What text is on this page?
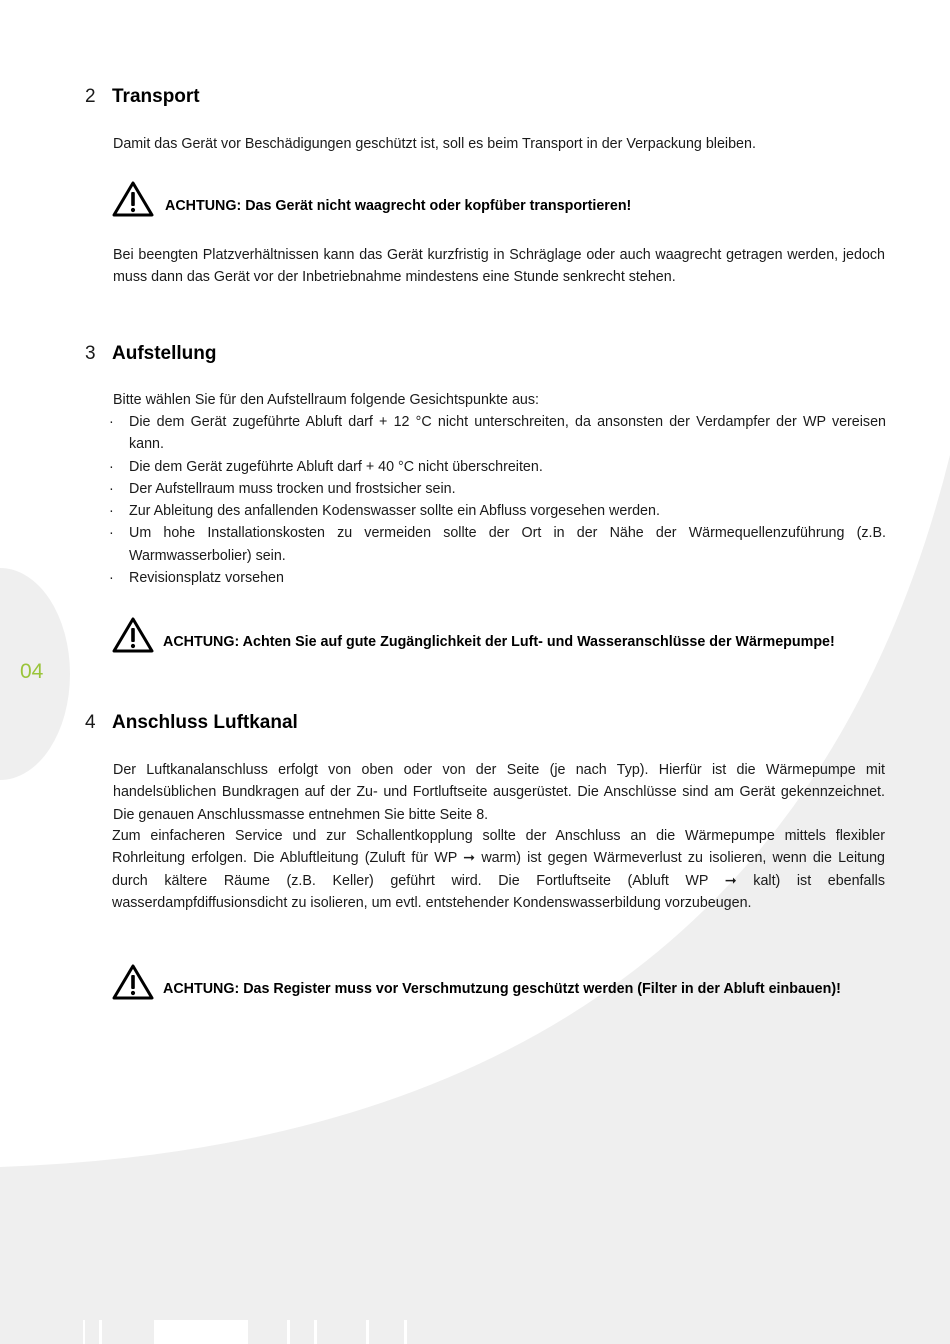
2 Transport

Damit das Gerät vor Beschädigungen geschützt ist, soll es beim Transport in der Verpackung bleiben.

ACHTUNG: Das Gerät nicht waagrecht oder kopfüber transportieren!

Bei beengten Platzverhältnissen kann das Gerät kurzfristig in Schräglage oder auch waagrecht getragen werden, jedoch muss dann das Gerät vor der Inbetriebnahme mindestens eine Stunde senkrecht stehen.

3 Aufstellung

Bitte wählen Sie für den Aufstellraum folgende Gesichtspunkte aus:

· Die dem Gerät zugeführte Abluft darf + 12 °C nicht unterschreiten, da ansonsten der Verdampfer der WP vereisen kann.
· Die dem Gerät zugeführte Abluft darf + 40 °C nicht überschreiten.
· Der Aufstellraum muss trocken und frostsicher sein.
· Zur Ableitung des anfallenden Kodenswasser sollte ein Abfluss vorgesehen werden.
· Um hohe Installationskosten zu vermeiden sollte der Ort in der Nähe der Wärmequellenzuführung (z.B. Warmwasserbolier) sein.
· Revisionsplatz vorsehen
ACHTUNG: Achten Sie auf gute Zugänglichkeit der Luft- und Wasseranschlüsse der Wärmepumpe!
04
4 Anschluss Luftkanal

Der Luftkanalanschluss erfolgt von oben oder von der Seite (je nach Typ). Hierfür ist die Wärmepumpe mit handelsüblichen Bundkragen auf der Zu- und Fortluftseite ausgerüstet. Die Anschlüsse sind am Gerät gekennzeichnet. Die genauen Anschlussmasse entnehmen Sie bitte Seite 8.

Zum einfacheren Service und zur Schallentkopplung sollte der Anschluss an die Wärmepumpe mittels flexibler Rohrleitung erfolgen. Die Abluftleitung (Zuluft für WP ➞ warm) ist gegen Wärmeverlust zu isolieren, wenn die Leitung durch kältere Räume (z.B. Keller) geführt wird. Die Fortluftseite (Abluft WP ➞ kalt) ist ebenfalls wasserdampfdiffusionsdicht zu isolieren, um evtl. entstehender Kondenswasserbildung vorzubeugen.

ACHTUNG: Das Register muss vor Verschmutzung geschützt werden (Filter in der Abluft einbauen)!
